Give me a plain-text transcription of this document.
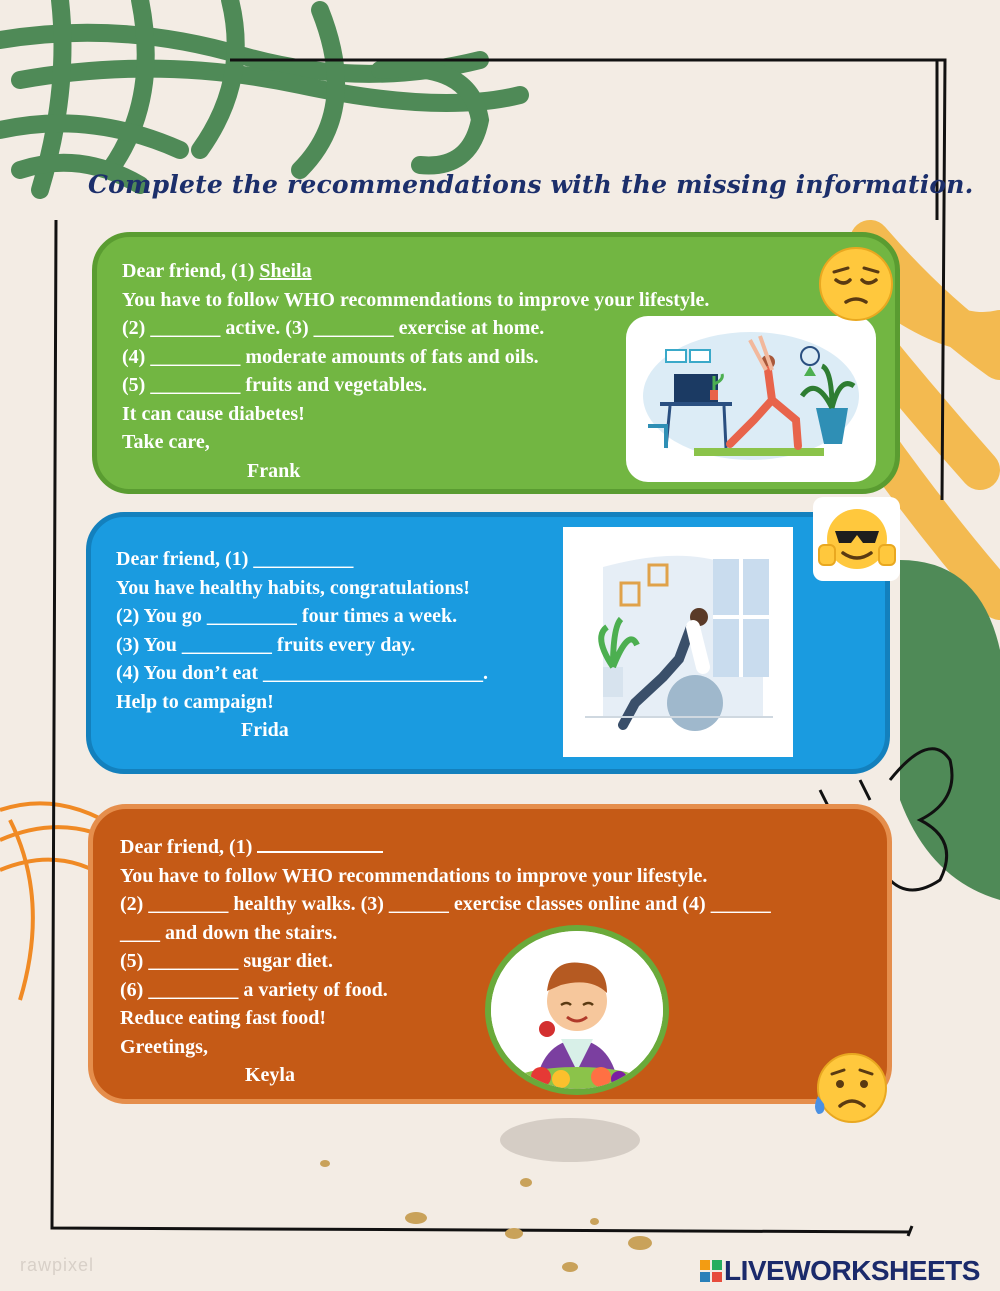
Complete the recommendations with the missing information.
Dear friend, (1) Sheila
You have to follow WHO recommendations to improve your lifestyle.
(2) _______ active. (3) ________ exercise at home.
(4) _________ moderate amounts of fats and oils.
(5) _________ fruits and vegetables.
It can cause diabetes!
Take care,
Frank
Dear friend, (1) __________
You have healthy habits, congratulations!
(2) You go _________ four times a week.
(3) You _________ fruits every day.
(4) You don’t eat ______________________.
Help to campaign!
Frida
Dear friend, (1)
You have to follow WHO recommendations to improve your lifestyle.
(2) ________ healthy walks. (3) ______ exercise classes online and (4) ______
____ and down the stairs.
(5) _________ sugar diet.
(6) _________ a variety of food.
Reduce eating fast food!
Greetings,
Keyla
rawpixel	LIVEWORKSHEETS
